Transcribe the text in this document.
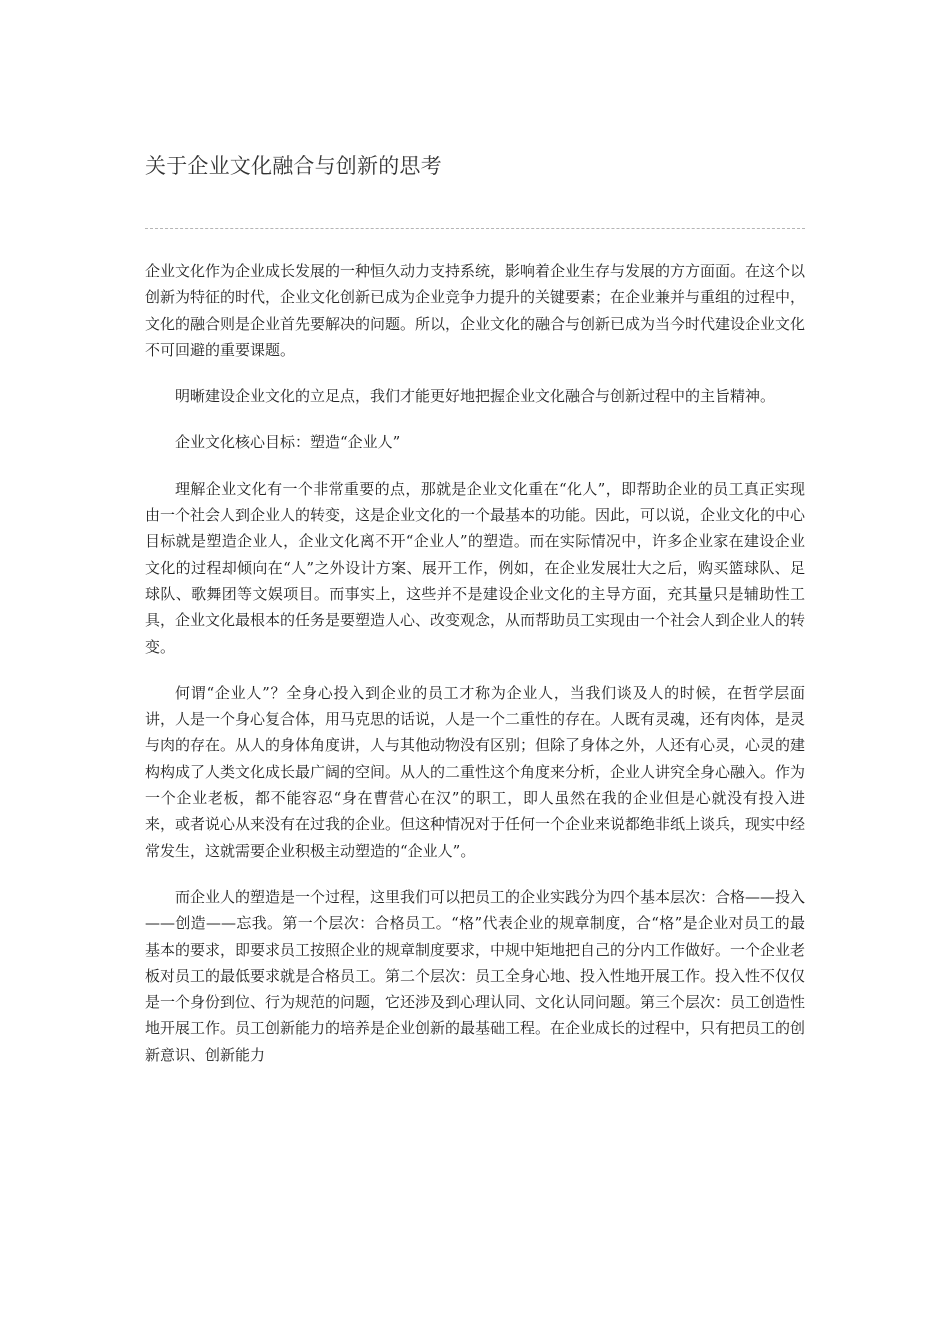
关于企业文化融合与创新的思考

企业文化作为企业成长发展的一种恒久动力支持系统，影响着企业生存与发展的方方面面。在这个以创新为特征的时代，企业文化创新已成为企业竞争力提升的关键要素；在企业兼并与重组的过程中，文化的融合则是企业首先要解决的问题。所以，企业文化的融合与创新已成为当今时代建设企业文化不可回避的重要课题。

明晰建设企业文化的立足点，我们才能更好地把握企业文化融合与创新过程中的主旨精神。

企业文化核心目标：塑造“企业人”

理解企业文化有一个非常重要的点，那就是企业文化重在“化人”，即帮助企业的员工真正实现由一个社会人到企业人的转变，这是企业文化的一个最基本的功能。因此，可以说，企业文化的中心目标就是塑造企业人，企业文化离不开“企业人”的塑造。而在实际情况中，许多企业家在建设企业文化的过程却倾向在“人”之外设计方案、展开工作，例如，在企业发展壮大之后，购买篮球队、足球队、歌舞团等文娱项目。而事实上，这些并不是建设企业文化的主导方面，充其量只是辅助性工具，企业文化最根本的任务是要塑造人心、改变观念，从而帮助员工实现由一个社会人到企业人的转变。

何谓“企业人”？全身心投入到企业的员工才称为企业人，当我们谈及人的时候，在哲学层面讲，人是一个身心复合体，用马克思的话说，人是一个二重性的存在。人既有灵魂，还有肉体，是灵与肉的存在。从人的身体角度讲，人与其他动物没有区别；但除了身体之外，人还有心灵，心灵的建构构成了人类文化成长最广阔的空间。从人的二重性这个角度来分析，企业人讲究全身心融入。作为一个企业老板，都不能容忍“身在曹营心在汉”的职工，即人虽然在我的企业但是心就没有投入进来，或者说心从来没有在过我的企业。但这种情况对于任何一个企业来说都绝非纸上谈兵，现实中经常发生，这就需要企业积极主动塑造的“企业人”。

而企业人的塑造是一个过程，这里我们可以把员工的企业实践分为四个基本层次：合格——投入——创造——忘我。第一个层次：合格员工。“格”代表企业的规章制度，合“格”是企业对员工的最基本的要求，即要求员工按照企业的规章制度要求，中规中矩地把自己的分内工作做好。一个企业老板对员工的最低要求就是合格员工。第二个层次：员工全身心地、投入性地开展工作。投入性不仅仅是一个身份到位、行为规范的问题，它还涉及到心理认同、文化认同问题。第三个层次：员工创造性地开展工作。员工创新能力的培养是企业创新的最基础工程。在企业成长的过程中，只有把员工的创新意识、创新能力
